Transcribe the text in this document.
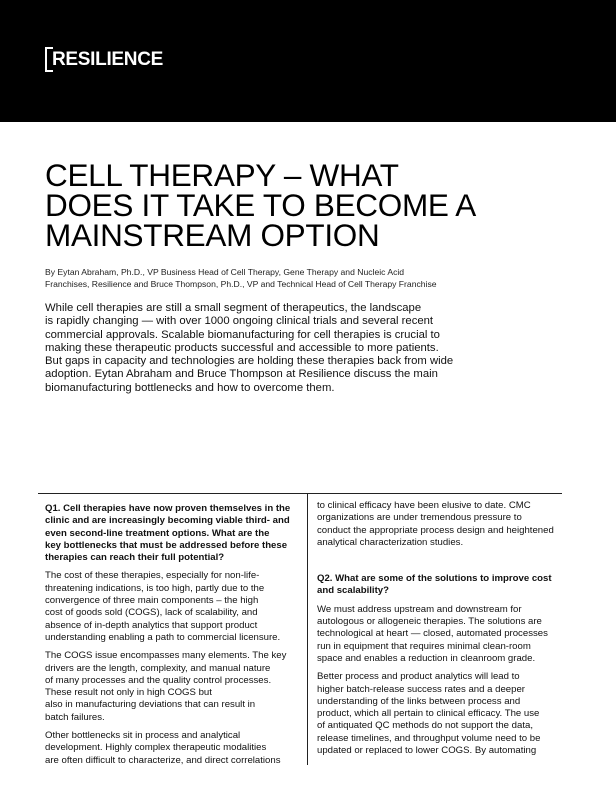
RESILIENCE
CELL THERAPY – WHAT
DOES IT TAKE TO BECOME A
MAINSTREAM OPTION
By Eytan Abraham, Ph.D., VP Business Head of Cell Therapy, Gene Therapy and Nucleic Acid
Franchises, Resilience and Bruce Thompson, Ph.D., VP and Technical Head of Cell Therapy Franchise
While cell therapies are still a small segment of therapeutics, the landscape
is rapidly changing — with over 1000 ongoing clinical trials and several recent
commercial approvals. Scalable biomanufacturing for cell therapies is crucial to
making these therapeutic products successful and accessible to more patients.
But gaps in capacity and technologies are holding these therapies back from wide
adoption. Eytan Abraham and Bruce Thompson at Resilience discuss the main
biomanufacturing bottlenecks and how to overcome them.
Q1. Cell therapies have now proven themselves in the
clinic and are increasingly becoming viable third- and
even second-line treatment options. What are the
key bottlenecks that must be addressed before these
therapies can reach their full potential?
The cost of these therapies, especially for non-life-
threatening indications, is too high, partly due to the
convergence of three main components – the high
cost of goods sold (COGS), lack of scalability, and
absence of in-depth analytics that support product
understanding enabling a path to commercial licensure.
The COGS issue encompasses many elements. The key
drivers are the length, complexity, and manual nature
of many processes and the quality control processes.
These result not only in high COGS but
also in manufacturing deviations that can result in
batch failures.
Other bottlenecks sit in process and analytical
development. Highly complex therapeutic modalities
are often difficult to characterize, and direct correlations
to clinical efficacy have been elusive to date. CMC
organizations are under tremendous pressure to
conduct the appropriate process design and heightened
analytical characterization studies.
Q2. What are some of the solutions to improve cost
and scalability?
We must address upstream and downstream for
autologous or allogeneic therapies. The solutions are
technological at heart — closed, automated processes
run in equipment that requires minimal clean-room
space and enables a reduction in cleanroom grade.
Better process and product analytics will lead to
higher batch-release success rates and a deeper
understanding of the links between process and
product, which all pertain to clinical efficacy. The use
of antiquated QC methods do not support the data,
release timelines, and throughput volume need to be
updated or replaced to lower COGS. By automating
